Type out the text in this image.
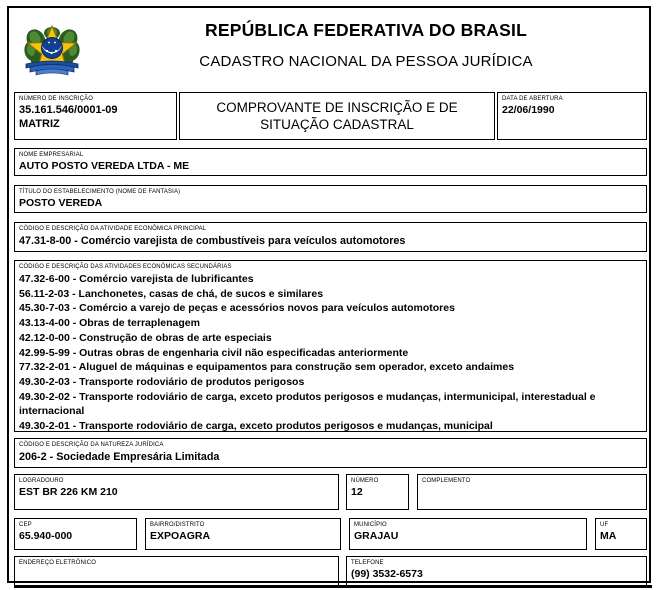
REPÚBLICA FEDERATIVA DO BRASIL
CADASTRO NACIONAL DA PESSOA JURÍDICA
NÚMERO DE INSCRIÇÃO
35.161.546/0001-09
MATRIZ
COMPROVANTE DE INSCRIÇÃO E DE SITUAÇÃO CADASTRAL
DATA DE ABERTURA
22/06/1990
NOME EMPRESARIAL
AUTO POSTO VEREDA LTDA - ME
TÍTULO DO ESTABELECIMENTO (NOME DE FANTASIA)
POSTO VEREDA
CÓDIGO E DESCRIÇÃO DA ATIVIDADE ECONÔMICA PRINCIPAL
47.31-8-00 - Comércio varejista de combustíveis para veículos automotores
CÓDIGO E DESCRIÇÃO DAS ATIVIDADES ECONÔMICAS SECUNDÁRIAS
47.32-6-00 - Comércio varejista de lubrificantes
56.11-2-03 - Lanchonetes, casas de chá, de sucos e similares
45.30-7-03 - Comércio a varejo de peças e acessórios novos para veículos automotores
43.13-4-00 - Obras de terraplenagem
42.12-0-00 - Construção de obras de arte especiais
42.99-5-99 - Outras obras de engenharia civil não especificadas anteriormente
77.32-2-01 - Aluguel de máquinas e equipamentos para construção sem operador, exceto andaimes
49.30-2-03 - Transporte rodoviário de produtos perigosos
49.30-2-02 - Transporte rodoviário de carga, exceto produtos perigosos e mudanças, intermunicipal, interestadual e internacional
49.30-2-01 - Transporte rodoviário de carga, exceto produtos perigosos e mudanças, municipal
CÓDIGO E DESCRIÇÃO DA NATUREZA JURÍDICA
206-2 - Sociedade Empresária Limitada
LOGRADOURO
EST BR 226 KM 210
NÚMERO
12
COMPLEMENTO
CEP
65.940-000
BAIRRO/DISTRITO
EXPOAGRA
MUNICÍPIO
GRAJAU
UF
MA
ENDEREÇO ELETRÔNICO	TELEFONE
(99) 3532-6573
